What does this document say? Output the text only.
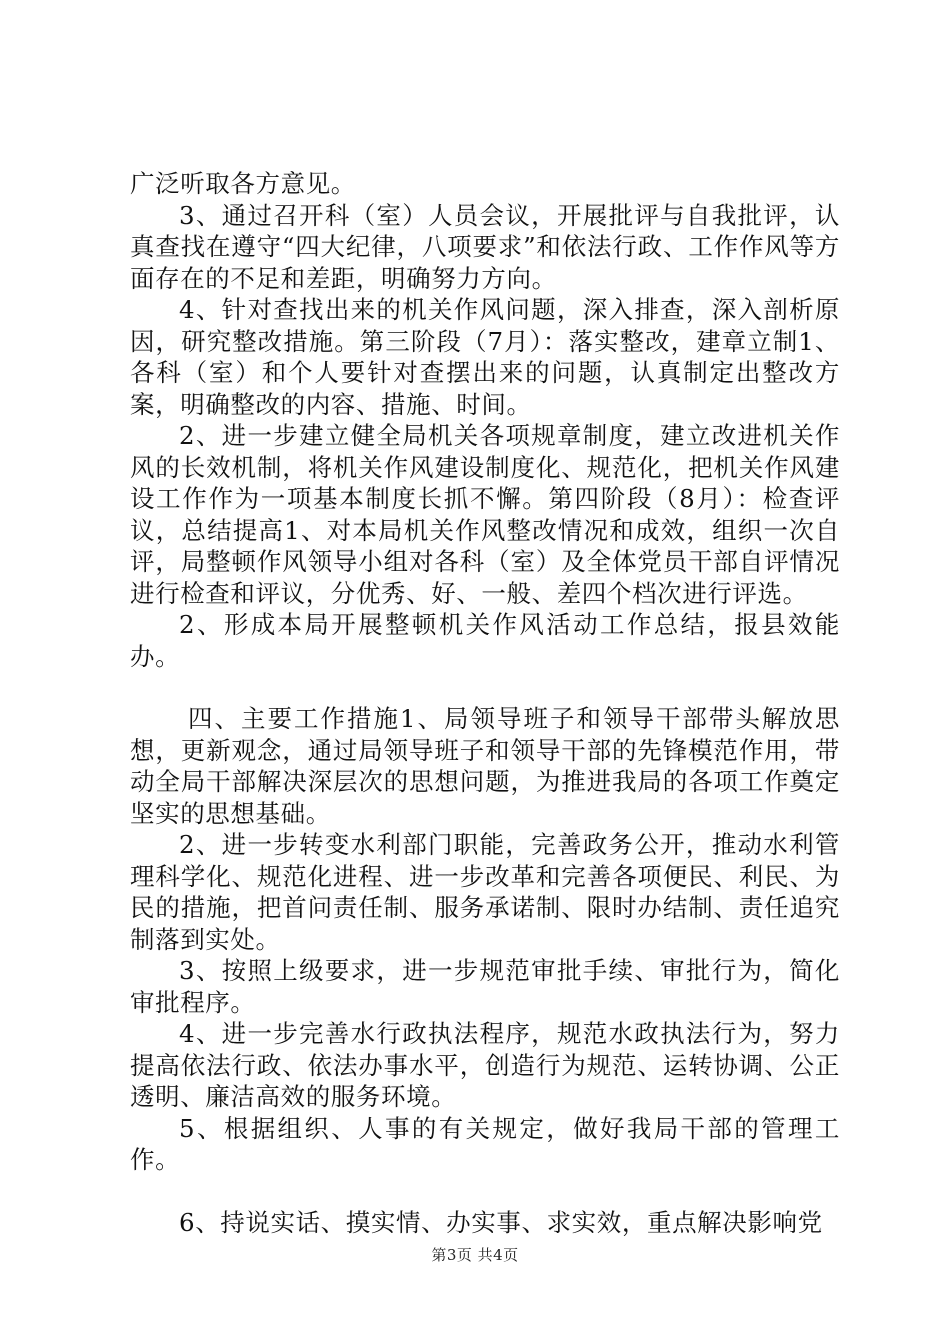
广泛听取各方意见。

3、通过召开科（室）人员会议，开展批评与自我批评，认真查找在遵守“四大纪律，八项要求”和依法行政、工作作风等方面存在的不足和差距，明确努力方向。

4、针对查找出来的机关作风问题，深入排查，深入剖析原因，研究整改措施。第三阶段（7月）：落实整改，建章立制1、各科（室）和个人要针对查摆出来的问题，认真制定出整改方案，明确整改的内容、措施、时间。

2、进一步建立健全局机关各项规章制度，建立改进机关作风的长效机制，将机关作风建设制度化、规范化，把机关作风建设工作作为一项基本制度长抓不懈。第四阶段（8月）：检查评议，总结提高1、对本局机关作风整改情况和成效，组织一次自评，局整顿作风领导小组对各科（室）及全体党员干部自评情况进行检查和评议，分优秀、好、一般、差四个档次进行评选。

2、形成本局开展整顿机关作风活动工作总结，报县效能办。

四、主要工作措施1、局领导班子和领导干部带头解放思想，更新观念，通过局领导班子和领导干部的先锋模范作用，带动全局干部解决深层次的思想问题，为推进我局的各项工作奠定坚实的思想基础。

2、进一步转变水利部门职能，完善政务公开，推动水利管理科学化、规范化进程、进一步改革和完善各项便民、利民、为民的措施，把首问责任制、服务承诺制、限时办结制、责任追究制落到实处。

3、按照上级要求，进一步规范审批手续、审批行为，简化审批程序。

4、进一步完善水行政执法程序，规范水政执法行为，努力提高依法行政、依法办事水平，创造行为规范、运转协调、公正透明、廉洁高效的服务环境。

5、根据组织、人事的有关规定，做好我局干部的管理工作。

6、持说实话、摸实情、办实事、求实效，重点解决影响党

第3页 共4页
